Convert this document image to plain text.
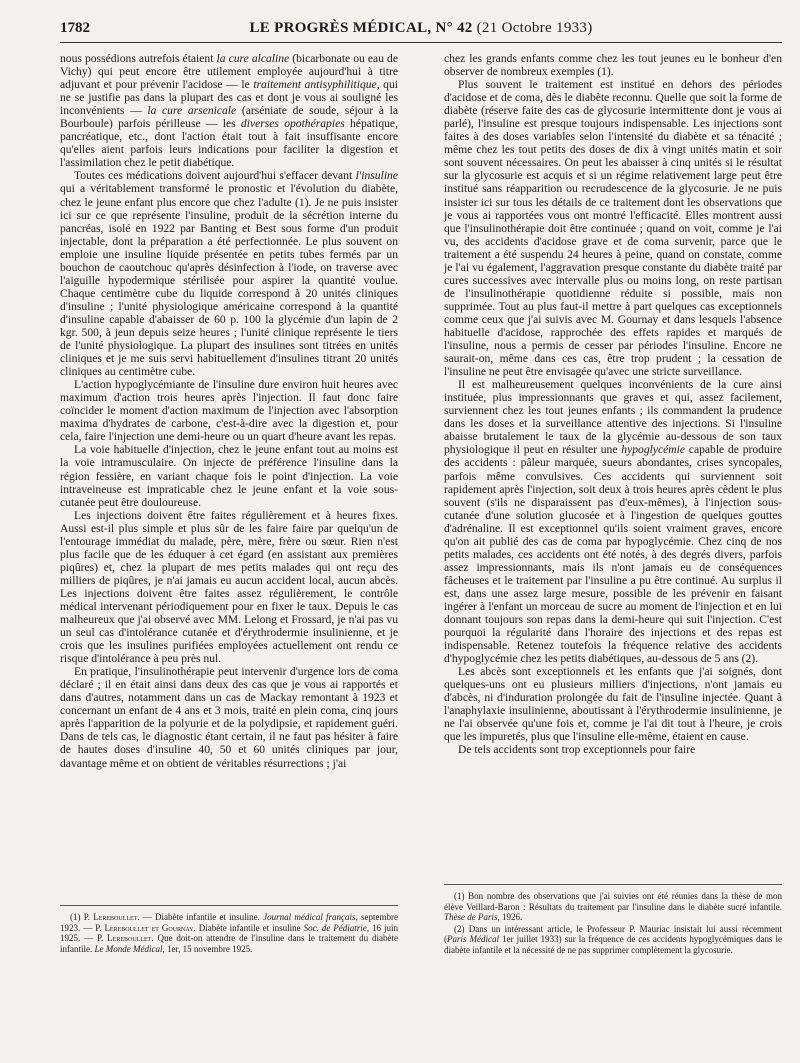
1782	LE PROGRÈS MÉDICAL, N° 42 (21 Octobre 1933)

nous possédions autrefois étaient la cure alcaline (bicarbonate ou eau de Vichy) qui peut encore être utilement employée aujourd'hui à titre adjuvant et pour prévenir l'acidose — le traitement antisyphilitique, qui ne se justifie pas dans la plupart des cas et dont je vous ai souligné les inconvénients — la cure arsenicale (arséniate de soude, séjour à la Bourboule) parfois périlleuse — les diverses opothérapies hépatique, pancréatique, etc., dont l'action était tout à fait insuffisante encore qu'elles aient parfois leurs indications pour faciliter la digestion et l'assimilation chez le petit diabétique.

Toutes ces médications doivent aujourd'hui s'effacer devant l'insuline qui a véritablement transformé le pronostic et l'évolution du diabète, chez le jeune enfant plus encore que chez l'adulte (1). Je ne puis insister ici sur ce que représente l'insuline, produit de la sécrétion interne du pancréas, isolé en 1922 par Banting et Best sous forme d'un produit injectable, dont la préparation a été perfectionnée. Le plus souvent on emploie une insuline liquide présentée en petits tubes fermés par un bouchon de caoutchouc qu'après désinfection à l'iode, on traverse avec l'aiguille hypodermique stérilisée pour aspirer la quantité voulue. Chaque centimètre cube du liquide correspond à 20 unités cliniques d'insuline ; l'unité physiologique américaine correspond à la quantité d'insuline capable d'abaisser de 60 p. 100 la glycémie d'un lapin de 2 kgr. 500, à jeun depuis seize heures ; l'unité clinique représente le tiers de l'unité physiologique. La plupart des insulines sont titrées en unités cliniques et je me suis servi habituellement d'insulines titrant 20 unités cliniques au centimètre cube.

L'action hypoglycémiante de l'insuline dure environ huit heures avec maximum d'action trois heures après l'injection. Il faut donc faire coïncider le moment d'action maximum de l'injection avec l'absorption maxima d'hydrates de carbone, c'est-à-dire avec la digestion et, pour cela, faire l'injection une demi-heure ou un quart d'heure avant les repas.

La voie habituelle d'injection, chez le jeune enfant tout au moins est la voie intramusculaire. On injecte de préférence l'insuline dans la région fessière, en variant chaque fois le point d'injection. La voie intraveineuse est impraticable chez le jeune enfant et la voie sous-cutanée peut être douloureuse.

Les injections doivent être faites régulièrement et à heures fixes. Aussi est-il plus simple et plus sûr de les faire faire par quelqu'un de l'entourage immédiat du malade, père, mère, frère ou sœur. Rien n'est plus facile que de les éduquer à cet égard (en assistant aux premières piqûres) et, chez la plupart de mes petits malades qui ont reçu des milliers de piqûres, je n'ai jamais eu aucun accident local, aucun abcès. Les injections doivent être faites assez régulièrement, le contrôle médical intervenant périodiquement pour en fixer le taux. Depuis le cas malheureux que j'ai observé avec MM. Lelong et Frossard, je n'ai pas vu un seul cas d'intolérance cutanée et d'érythrodermie insulinienne, et je crois que les insulines purifiées employées actuellement ont rendu ce risque d'intolérance à peu près nul.

En pratique, l'insulinothérapie peut intervenir d'urgence lors de coma déclaré ; il en était ainsi dans deux des cas que je vous ai rapportés et dans d'autres, notamment dans un cas de Mackay remontant à 1923 et concernant un enfant de 4 ans et 3 mois, traité en plein coma, cinq jours après l'apparition de la polyurie et de la polydipsie, et rapidement guéri. Dans de tels cas, le diagnostic étant certain, il ne faut pas hésiter à faire de hautes doses d'insuline 40, 50 et 60 unités cliniques par jour, davantage même et on obtient de véritables résurrections ; j'ai

chez les grands enfants comme chez les tout jeunes eu le bonheur d'en observer de nombreux exemples (1).

Plus souvent le traitement est institué en dehors des périodes d'acidose et de coma, dès le diabète reconnu. Quelle que soit la forme de diabète (réserve faite des cas de glycosurie intermittente dont je vous ai parlé), l'insuline est presque toujours indispensable. Les injections sont faites à des doses variables selon l'intensité du diabète et sa ténacité ; même chez les tout petits des doses de dix à vingt unités matin et soir sont souvent nécessaires. On peut les abaisser à cinq unités si le résultat sur la glycosurie est acquis et si un régime relativement large peut être institué sans réapparition ou recrudescence de la glycosurie. Je ne puis insister ici sur tous les détails de ce traitement dont les observations que je vous ai rapportées vous ont montré l'efficacité. Elles montrent aussi que l'insulinothérapie doit être continuée ; quand on voit, comme je l'ai vu, des accidents d'acidose grave et de coma survenir, parce que le traitement a été suspendu 24 heures à peine, quand on constate, comme je l'ai vu également, l'aggravation presque constante du diabète traité par cures successives avec intervalle plus ou moins long, on reste partisan de l'insulinothérapie quotidienne réduite si possible, mais non supprimée. Tout au plus faut-il mettre à part quelques cas exceptionnels comme ceux que j'ai suivis avec M. Gournay et dans lesquels l'absence habituelle d'acidose, rapprochée des effets rapides et marqués de l'insuline, nous a permis de cesser par périodes l'insuline. Encore ne saurait-on, même dans ces cas, être trop prudent ; la cessation de l'insuline ne peut être envisagée qu'avec une stricte surveillance.

Il est malheureusement quelques inconvénients de la cure ainsi instituée, plus impressionnants que graves et qui, assez facilement, surviennent chez les tout jeunes enfants ; ils commandent la prudence dans les doses et la surveillance attentive des injections. Si l'insuline abaisse brutalement le taux de la glycémie au-dessous de son taux physiologique il peut en résulter une hypoglycémie capable de produire des accidents : pâleur marquée, sueurs abondantes, crises syncopales, parfois même convulsives. Ces accidents qui surviennent soit rapidement après l'injection, soit deux à trois heures après cèdent le plus souvent (s'ils ne disparaissent pas d'eux-mêmes), à l'injection sous-cutanée d'une solution glucosée et à l'ingestion de quelques gouttes d'adrénaline. Il est exceptionnel qu'ils soient vraiment graves, encore qu'on ait publié des cas de coma par hypoglycémie. Chez cinq de nos petits malades, ces accidents ont été notés, à des degrés divers, parfois assez impressionnants, mais ils n'ont jamais eu de conséquences fâcheuses et le traitement par l'insuline a pu être continué. Au surplus il est, dans une assez large mesure, possible de les prévenir en faisant ingérer à l'enfant un morceau de sucre au moment de l'injection et en lui donnant toujours son repas dans la demi-heure qui suit l'injection. C'est pourquoi la régularité dans l'horaire des injections et des repas est indispensable. Retenez toutefois la fréquence relative des accidents d'hypoglycémie chez les petits diabétiques, au-dessous de 5 ans (2).

Les abcès sont exceptionnels et les enfants que j'ai soignés, dont quelques-uns ont eu plusieurs milliers d'injections, n'ont jamais eu d'abcès, ni d'induration prolongée du fait de l'insuline injectée. Quant à l'anaphylaxie insulinienne, aboutissant à l'érythrodermie insulinienne, je ne l'ai observée qu'une fois et, comme je l'ai dit tout à l'heure, je crois que les impuretés, plus que l'insuline elle-même, étaient en cause.

De tels accidents sont trop exceptionnels pour faire

(1) P. Lereboullet. — Diabète infantile et insuline. Journal médical français, septembre 1923. — P. Lereboullet et Gournay. Diabète infantile et insuline Soc. de Pédiatrie, 16 juin 1925. — P. Lereboullet. Que doit-on attendre de l'insuline dans le traitement du diabète infantile. Le Monde Médical, 1er, 15 novembre 1925.

(1) Bon nombre des observations que j'ai suivies ont été réunies dans la thèse de mon élève Veillard-Baron : Résultats du traitement par l'insuline dans le diabète sucré infantile. Thèse de Paris, 1926.

(2) Dans un intéressant article, le Professeur P. Mauriac insistait lui aussi récemment (Paris Médical 1er juillet 1933) sur la fréquence de ces accidents hypoglycémiques dans le diabète infantile et la nécessité de ne pas supprimer complètement la glycosurie.
